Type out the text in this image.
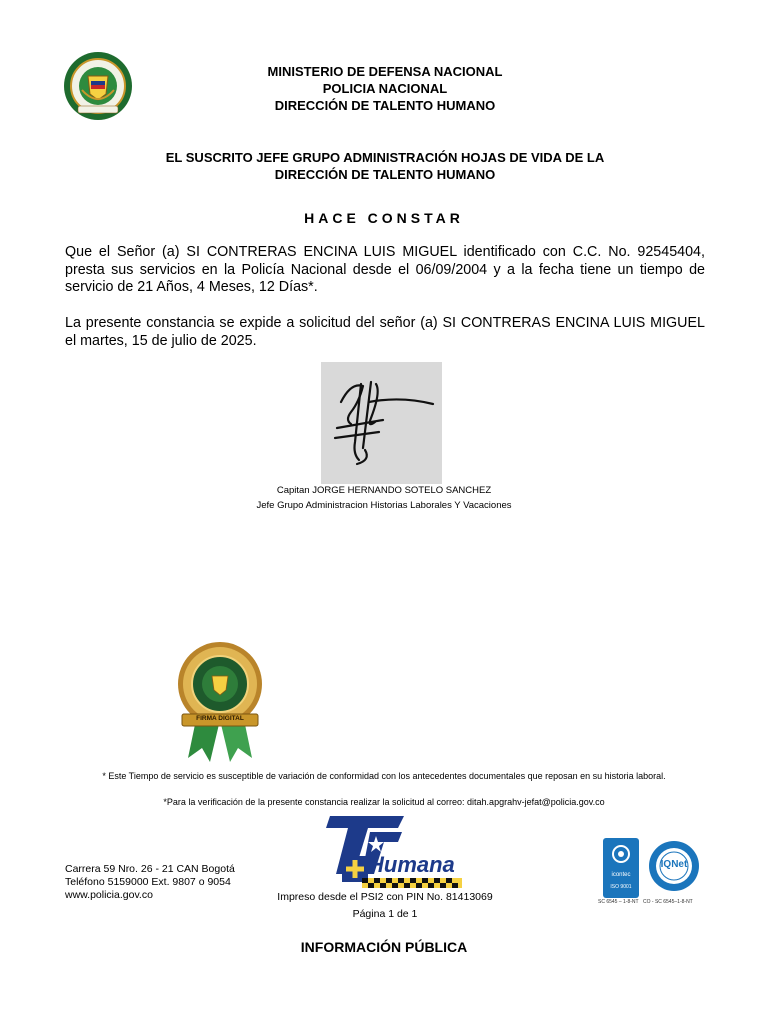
MINISTERIO DE DEFENSA NACIONAL
POLICIA NACIONAL
DIRECCIÓN DE TALENTO HUMANO
EL SUSCRITO JEFE GRUPO ADMINISTRACIÓN HOJAS DE VIDA DE LA
DIRECCIÓN DE TALENTO HUMANO
HACE CONSTAR
Que el Señor (a) SI CONTRERAS ENCINA LUIS MIGUEL identificado con C.C. No. 92545404, presta sus servicios en la Policía Nacional desde el 06/09/2004 y a la fecha tiene un tiempo de servicio de 21 Años, 4 Meses, 12 Días*.
La presente constancia se expide a solicitud del señor (a) SI CONTRERAS ENCINA LUIS MIGUEL el martes, 15 de julio de 2025.
Capitan JORGE HERNANDO SOTELO SANCHEZ
Jefe Grupo Administracion Historias Laborales Y Vacaciones
FIRMA DIGITAL
* Este Tiempo de servicio es susceptible de variación de conformidad con los antecedentes documentales que reposan en su historia laboral.
*Para la verificación de la presente constancia realizar la solicitud al correo: ditah.apgrahv-jefat@policia.gov.co
Carrera 59 Nro. 26 - 21 CAN Bogotá
Teléfono 5159000 Ext. 9807 o 9054
www.policia.gov.co
Humana
Impreso desde el PSI2 con PIN No. 81413069
Página 1 de 1
icontec
ISO 9001
IQNet
SC 6545 – 1-8-NT CO - SC 6545–1-8-NT
INFORMACIÓN PÚBLICA
